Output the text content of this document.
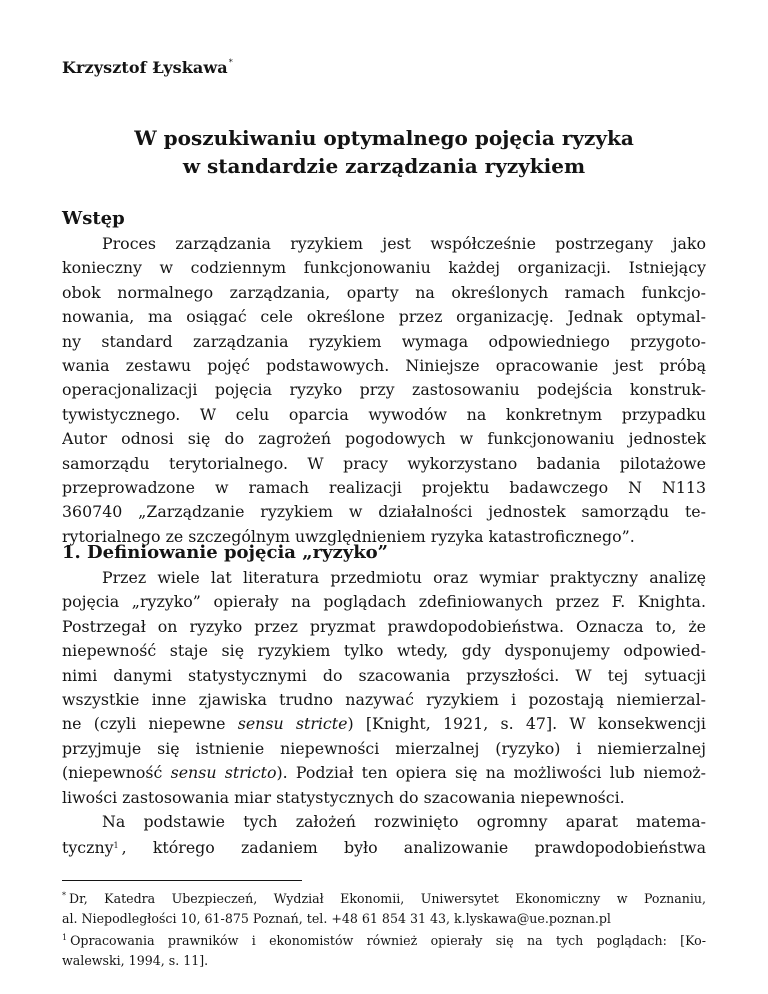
Krzysztof Łyskawa*
W poszukiwaniu optymalnego pojęcia ryzyka
w standardzie zarządzania ryzykiem
Wstęp
Proces zarządzania ryzykiem jest współcześnie postrzegany jako
konieczny w codziennym funkcjonowaniu każdej organizacji. Istniejący
obok normalnego zarządzania, oparty na określonych ramach funkcjo-
nowania, ma osiągać cele określone przez organizację. Jednak optymal-
ny standard zarządzania ryzykiem wymaga odpowiedniego przygoto-
wania zestawu pojęć podstawowych. Niniejsze opracowanie jest próbą
operacjonalizacji pojęcia ryzyko przy zastosowaniu podejścia konstruk-
tywistycznego. W celu oparcia wywodów na konkretnym przypadku
Autor odnosi się do zagrożeń pogodowych w funkcjonowaniu jednostek
samorządu terytorialnego. W pracy wykorzystano badania pilotażowe
przeprowadzone w ramach realizacji projektu badawczego N N113
360740 „Zarządzanie ryzykiem w działalności jednostek samorządu te-
rytorialnego ze szczególnym uwzględnieniem ryzyka katastroficznego”.
1. Definiowanie pojęcia „ryzyko”
Przez wiele lat literatura przedmiotu oraz wymiar praktyczny analizę
pojęcia „ryzyko” opierały na poglądach zdefiniowanych przez F. Knighta.
Postrzegał on ryzyko przez pryzmat prawdopodobieństwa. Oznacza to, że
niepewność staje się ryzykiem tylko wtedy, gdy dysponujemy odpowied-
nimi danymi statystycznymi do szacowania przyszłości. W tej sytuacji
wszystkie inne zjawiska trudno nazywać ryzykiem i pozostają niemierzal-
ne (czyli niepewne sensu stricte) [Knight, 1921, s. 47]. W konsekwencji
przyjmuje się istnienie niepewności mierzalnej (ryzyko) i niemierzalnej
(niepewność sensu stricto). Podział ten opiera się na możliwości lub niemoż-
liwości zastosowania miar statystycznych do szacowania niepewności.
Na podstawie tych założeń rozwinięto ogromny aparat matema-
tyczny$^1$ , którego zadaniem było analizowanie prawdopodobieństwa
* Dr, Katedra Ubezpieczeń, Wydział Ekonomii, Uniwersytet Ekonomiczny w Poznaniu,
al. Niepodległości 10, 61-875 Poznań, tel. +48 61 854 31 43, k.lyskawa@ue.poznan.pl
$^1$ Opracowania prawników i ekonomistów również opierały się na tych poglądach: [Ko-
walewski, 1994, s. 11].
